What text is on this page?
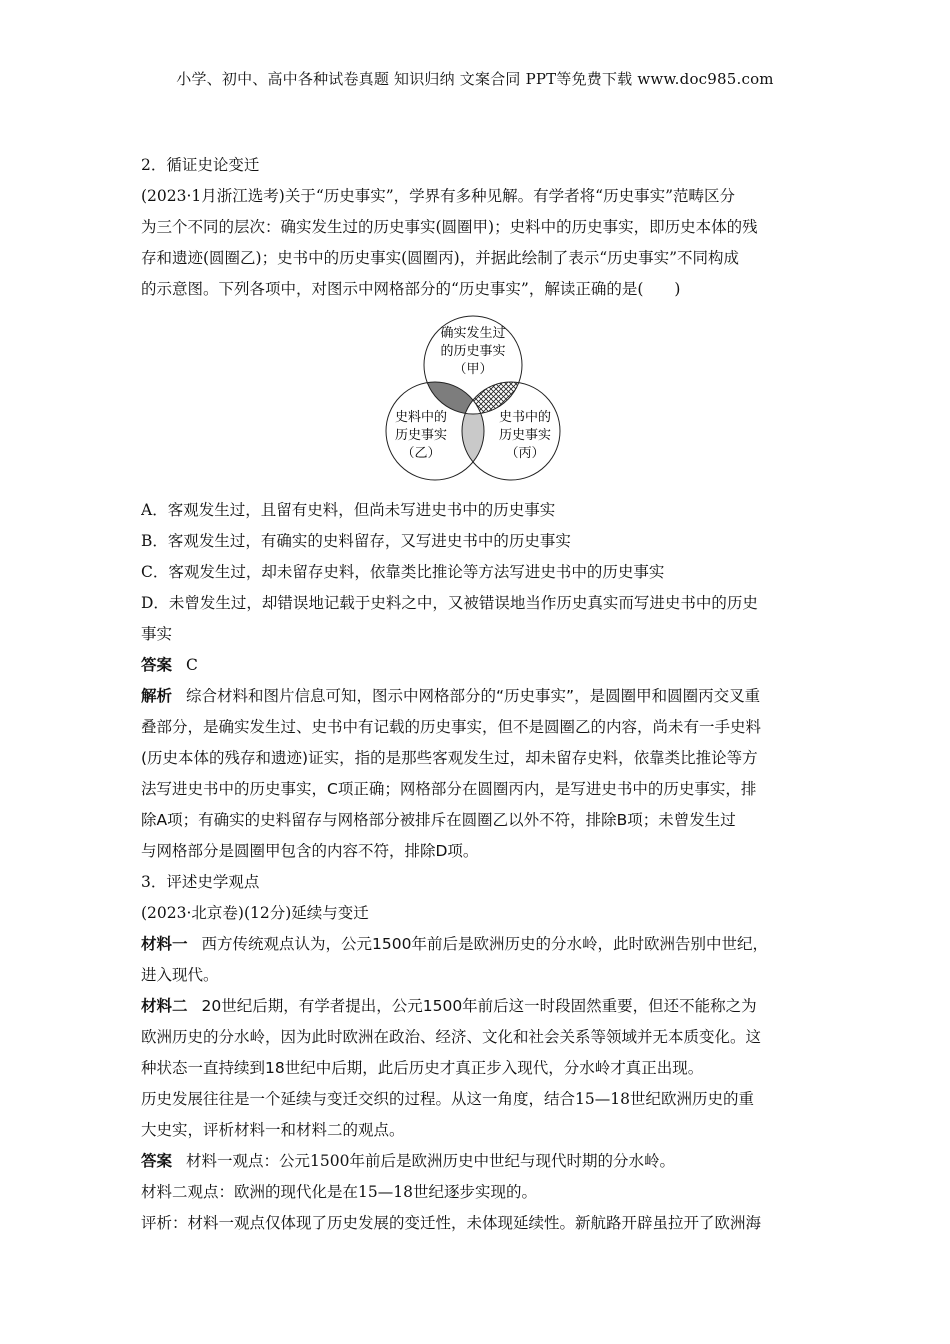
小学、初中、高中各种试卷真题 知识归纳 文案合同 PPT等免费下载 www.doc985.com

2．循证史论变迁

(2023·1月浙江选考)关于“历史事实”，学界有多种见解。有学者将“历史事实”范畴区分

为三个不同的层次：确实发生过的历史事实(圆圈甲)；史料中的历史事实，即历史本体的残

存和遗迹(圆圈乙)；史书中的历史事实(圆圈丙)，并据此绘制了表示“历史事实”不同构成

的示意图。下列各项中，对图示中网格部分的“历史事实”，解读正确的是(　　)

确实发生过
的历史事实
（甲）
史料中的
历史事实
（乙）
史书中的
历史事实
（丙）

A．客观发生过，且留有史料，但尚未写进史书中的历史事实

B．客观发生过，有确实的史料留存，又写进史书中的历史事实

C．客观发生过，却未留存史料，依靠类比推论等方法写进史书中的历史事实

D．未曾发生过，却错误地记载于史料之中，又被错误地当作历史真实而写进史书中的历史

事实

答案 C

解析 综合材料和图片信息可知，图示中网格部分的“历史事实”，是圆圈甲和圆圈丙交叉重

叠部分，是确实发生过、史书中有记载的历史事实，但不是圆圈乙的内容，尚未有一手史料

(历史本体的残存和遗迹)证实，指的是那些客观发生过，却未留存史料，依靠类比推论等方

法写进史书中的历史事实，C项正确；网格部分在圆圈丙内，是写进史书中的历史事实，排

除A项；有确实的史料留存与网格部分被排斥在圆圈乙以外不符，排除B项；未曾发生过

与网格部分是圆圈甲包含的内容不符，排除D项。

3．评述史学观点

(2023·北京卷)(12分)延续与变迁

材料一 西方传统观点认为，公元1500年前后是欧洲历史的分水岭，此时欧洲告别中世纪，

进入现代。

材料二 20世纪后期，有学者提出，公元1500年前后这一时段固然重要，但还不能称之为

欧洲历史的分水岭，因为此时欧洲在政治、经济、文化和社会关系等领域并无本质变化。这

种状态一直持续到18世纪中后期，此后历史才真正步入现代，分水岭才真正出现。

历史发展往往是一个延续与变迁交织的过程。从这一角度，结合15—18世纪欧洲历史的重

大史实，评析材料一和材料二的观点。

答案 材料一观点：公元1500年前后是欧洲历史中世纪与现代时期的分水岭。

材料二观点：欧洲的现代化是在15—18世纪逐步实现的。

评析：材料一观点仅体现了历史发展的变迁性，未体现延续性。新航路开辟虽拉开了欧洲海
